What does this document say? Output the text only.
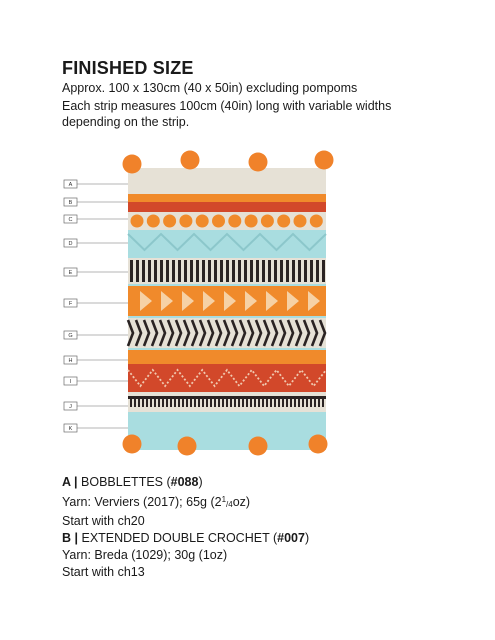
FINISHED SIZE

Approx. 100 x 130cm (40 x 50in) excluding pompoms

Each strip measures 100cm (40in) long with variable widths depending on the strip.

A
B
C
D
E
F
G
H
I
J
K

A | BOBBLETTES (#088)

Yarn: Verviers (2017); 65g $(2^1_{/4}oz)$

Start with ch20

B | EXTENDED DOUBLE CROCHET (#007)

Yarn: Breda (1029); 30g (1oz)

Start with ch13
